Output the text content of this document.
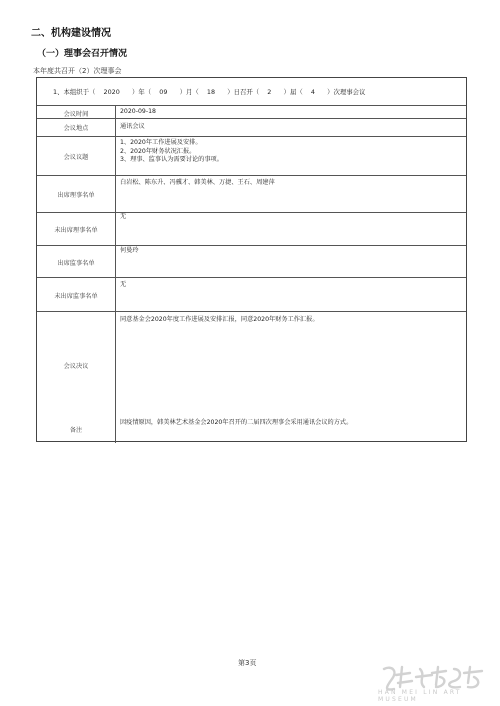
二、机构建设情况
（一）理事会召开情况
本年度共召开（2）次理事会
1、本组织于（    2020      ）年（    09      ）月（    18      ）日召开（    2      ）届（    4      ）次理事会议
会议时间
会议地点
会议议题
出席理事名单
未出席理事名单
出席监事名单
未出席监事名单
会议决议
备注
2020-09-18
通讯会议
1、2020年工作进展及安排。
2、2020年财务状况汇报。
3、理事、监事认为需要讨论的事项。
白岩松、陈东升、冯骥才、韩美林、万捷、王石、周建萍
无
何曼玲
无
同意基金会2020年度工作进展及安排汇报，同意2020年财务工作汇报。
因疫情原因，韩美林艺术基金会2020年召开的二届四次理事会采用通讯会议的方式。
第3页
HAN MEI LIN ART MUSEUM
